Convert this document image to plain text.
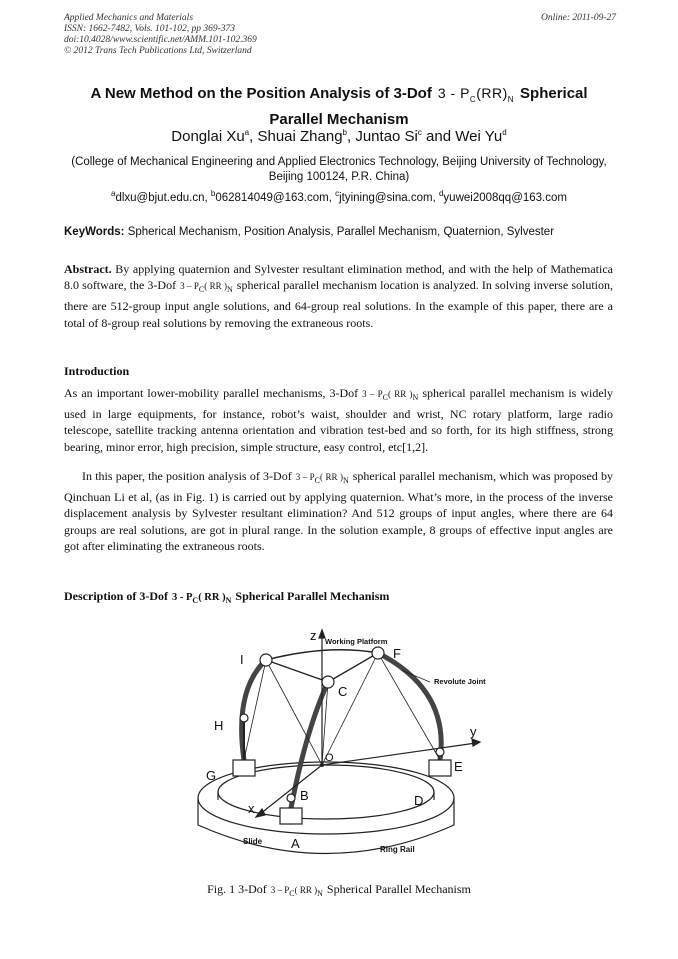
Applied Mechanics and Materials
ISSN: 1662-7482, Vols. 101-102, pp 369-373
doi:10.4028/www.scientific.net/AMM.101-102.369
© 2012 Trans Tech Publications Ltd, Switzerland
Online: 2011-09-27
A New Method on the Position Analysis of 3-Dof $3 - P_C(RR)_N$ Spherical
Parallel Mechanism
Donglai Xu$^a$, Shuai Zhang$^b$, Juntao Si$^c$ and Wei Yu$^d$
(College of Mechanical Engineering and Applied Electronics Technology, Beijing University of Technology, Beijing 100124, P.R. China)
$^a$dlxu@bjut.edu.cn, $^b$062814049@163.com, $^c$jtyining@sina.com, $^d$yuwei2008qq@163.com
KeyWords: Spherical Mechanism, Position Analysis, Parallel Mechanism, Quaternion, Sylvester
Abstract. By applying quaternion and Sylvester resultant elimination method, and with the help of Mathematica 8.0 software, the 3-Dof $3 - P_C$( RR )$_N$ spherical parallel mechanism location is analyzed. In solving inverse solution, there are 512-group input angle solutions, and 64-group real solutions. In the example of this paper, there are a total of 8-group real solutions by removing the extraneous roots.
Introduction
As an important lower-mobility parallel mechanisms, 3-Dof $3 - P_C$( RR )$_N$ spherical parallel mechanism is widely used in large equipments, for instance, robot’s waist, shoulder and wrist, NC rotary platform, large radio telescope, satellite tracking antenna orientation and vibration test-bed and so forth, for its high stiffness, strong bearing, minor error, high precision, simple structure, easy control, etc[1,2].
In this paper, the position analysis of 3-Dof $3 - P_C$( RR )$_N$ spherical parallel mechanism, which was proposed by Qinchuan Li et al, (as in Fig. 1) is carried out by applying quaternion. What’s more, in the process of the inverse displacement analysis by Sylvester resultant elimination? And 512 groups of input angles, where there are 64 groups are real solutions, are got in plural range. In the solution example, 8 groups of effective input angles are got after eliminating the extraneous roots.
Description of 3-Dof $3 - P_C$( RR )$_N$ Spherical Parallel Mechanism
z
y
x
O
A
B
C
D
E
F
G
H
I
Working Platform
Revolute Joint
Slide
Ring Rail
Fig. 1 3-Dof $3 - P_C$( RR )$_N$ Spherical Parallel Mechanism
